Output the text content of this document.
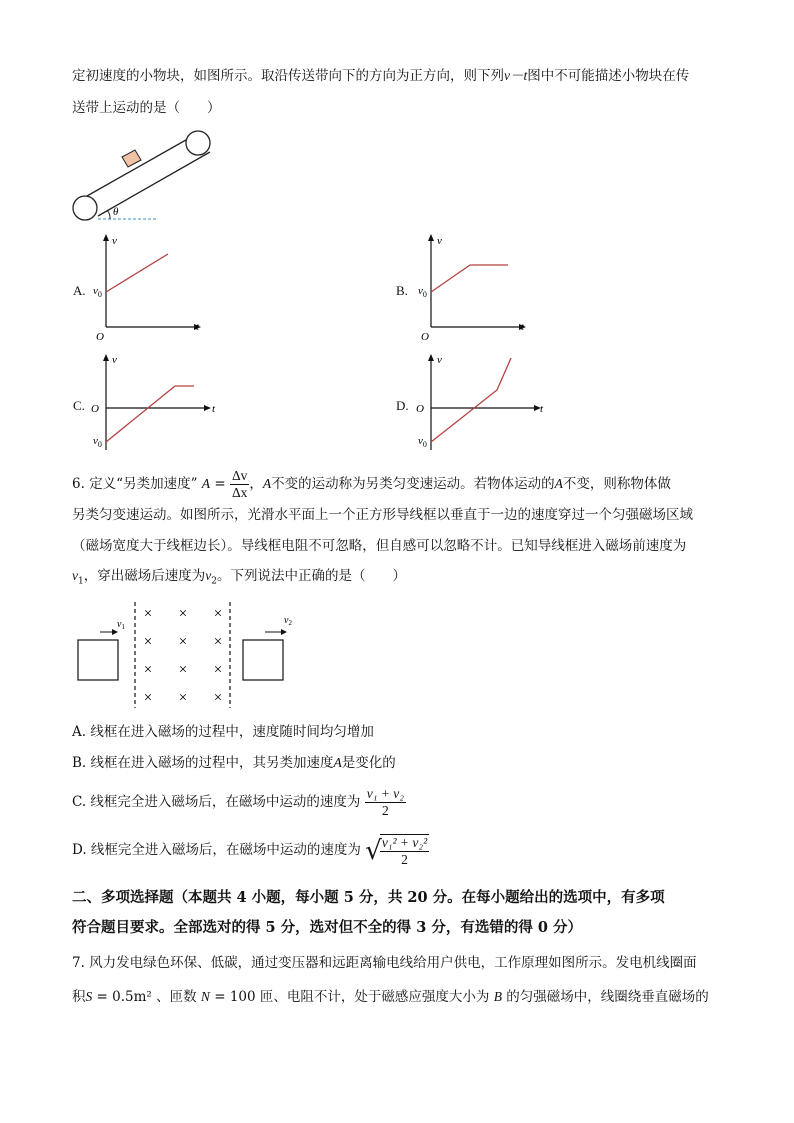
定初速度的小物块，如图所示。取沿传送带向下的方向为正方向，则下列v－t图中不可能描述小物块在传
送带上运动的是（　　）
θ
A.
v
t
O
$v_0$	B.
v
t
O
$v_0$
C.
v
t
O
$v_0$
D.
v
t
O
$v_0$
6. 定义“另类加速度” $A = \frac{\Delta v}{\Delta x}$ ，A不变的运动称为另类匀变速运动。若物体运动的A不变，则称物体做
另类匀变速运动。如图所示，光滑水平面上一个正方形导线框以垂直于一边的速度穿过一个匀强磁场区域
（磁场宽度大于线框边长）。导线框电阻不可忽略，但自感可以忽略不计。已知导线框进入磁场前速度为
$v_1$，穿出磁场后速度为$v_2$。下列说法中正确的是（　　）
$v_1$
× × ×
× × ×
× × ×
× × ×
$v_2$
A. 线框在进入磁场的过程中，速度随时间均匀增加
B. 线框在进入磁场的过程中，其另类加速度A是变化的
C. 线框完全进入磁场后，在磁场中运动的速度为 $\frac{\text{v₁ + v₂}}{2}$
D. 线框完全进入磁场后，在磁场中运动的速度为 √
$\frac{\text{v₁² + v₂²}}{2}$
二、多项选择题（本题共 4 小题，每小题 5 分，共 20 分。在每小题给出的选项中，有多项
符合题目要求。全部选对的得 5 分，选对但不全的得 3 分，有选错的得 0 分）
7. 风力发电绿色环保、低碳，通过变压器和远距离输电线给用户供电，工作原理如图所示。发电机线圈面
积S = 0.5m² 、匝数 N = 100 匝、电阻不计，处于磁感应强度大小为 B 的匀强磁场中，线圈绕垂直磁场的
